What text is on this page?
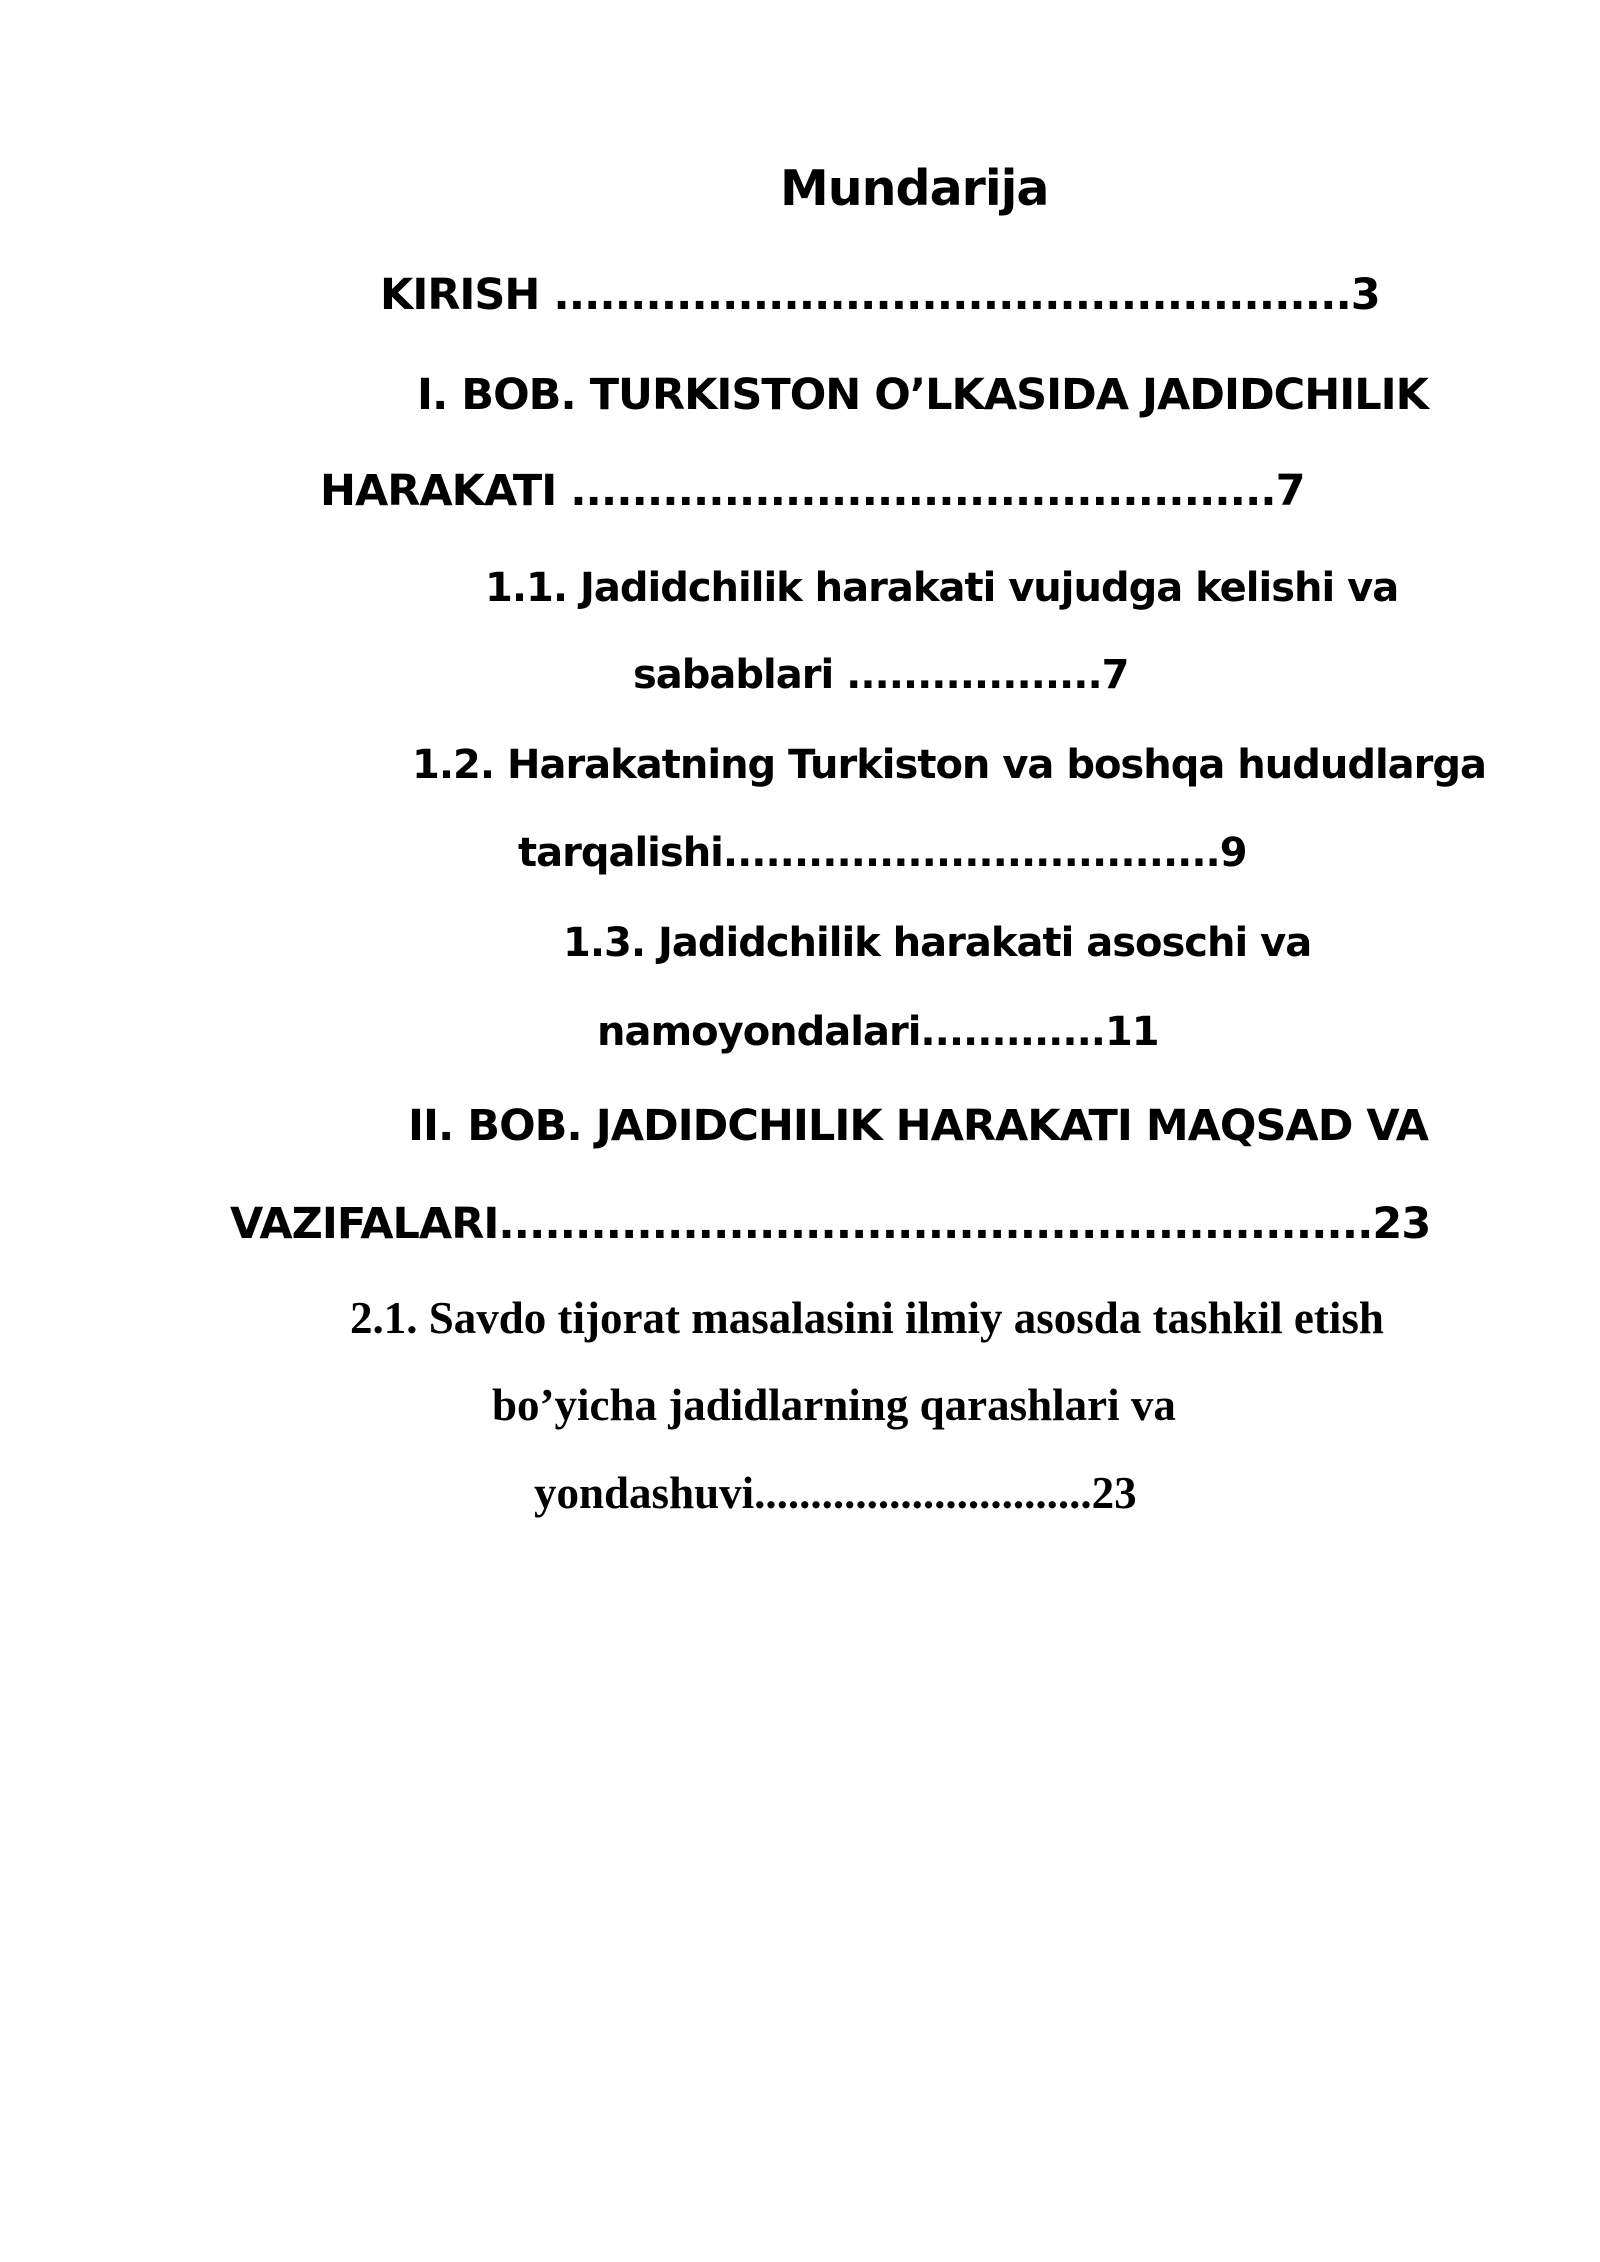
Mundarija
KIRISH ....................................................3
I. BOB. TURKISTON O’LKASIDA JADIDCHILIK
HARAKATI ..............................................7
1.1. Jadidchilik harakati vujudga kelishi va
sabablari ..................7
1.2. Harakatning Turkiston va boshqa hududlarga
tarqalishi...................................9
1.3. Jadidchilik harakati asoschi va
namoyondalari.............11
II. BOB. JADIDCHILIK HARAKATI MAQSAD VA
VAZIFALARI.........................................................23
2.1. Savdo tijorat masalasini ilmiy asosda tashkil etish
bo’yicha jadidlarning qarashlari va
yondashuvi..............................23
